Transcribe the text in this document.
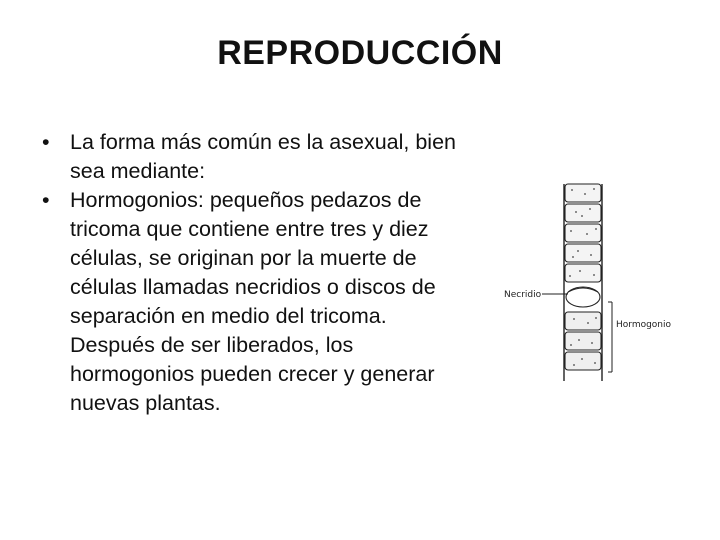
REPRODUCCIÓN
• La forma más común es la asexual, bien sea mediante:
• Hormogonios: pequeños pedazos de tricoma que contiene entre tres y diez células, se originan por la muerte de células llamadas necridios o discos de separación en medio del tricoma. Después de ser liberados, los hormogonios pueden crecer y generar nuevas plantas.
Necridio
Hormogonio
